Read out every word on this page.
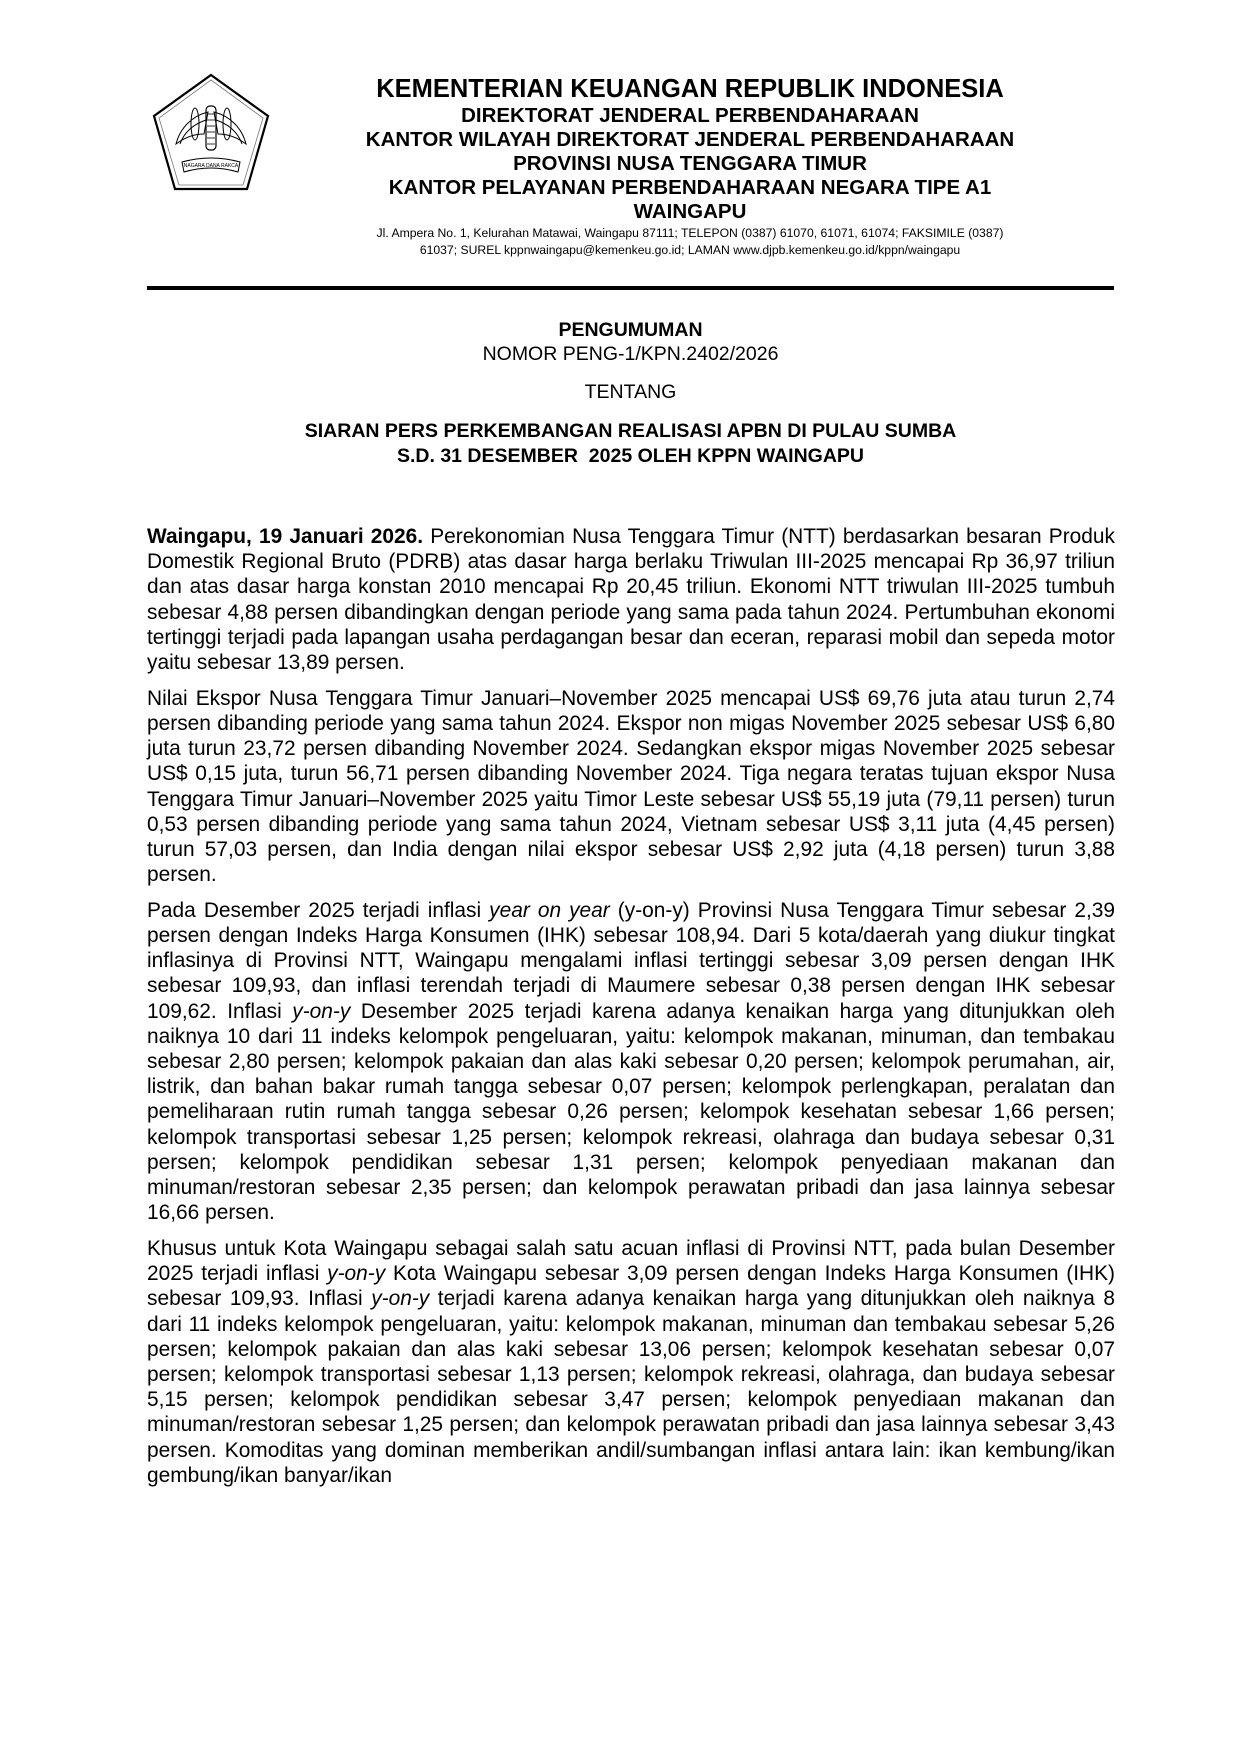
NAGARA DANA RAKCA
KEMENTERIAN KEUANGAN REPUBLIK INDONESIA
DIREKTORAT JENDERAL PERBENDAHARAAN
KANTOR WILAYAH DIREKTORAT JENDERAL PERBENDAHARAAN
PROVINSI NUSA TENGGARA TIMUR
KANTOR PELAYANAN PERBENDAHARAAN NEGARA TIPE A1
WAINGAPU
Jl. Ampera No. 1, Kelurahan Matawai, Waingapu 87111; TELEPON (0387) 61070, 61071, 61074; FAKSIMILE (0387)
61037; SUREL kppnwaingapu@kemenkeu.go.id; LAMAN www.djpb.kemenkeu.go.id/kppn/waingapu
PENGUMUMAN
NOMOR PENG-1/KPN.2402/2026
TENTANG
SIARAN PERS PERKEMBANGAN REALISASI APBN DI PULAU SUMBA
S.D. 31 DESEMBER  2025 OLEH KPPN WAINGAPU

Waingapu, 19 Januari 2026. Perekonomian Nusa Tenggara Timur (NTT) berdasarkan besaran Produk Domestik Regional Bruto (PDRB) atas dasar harga berlaku Triwulan III-2025 mencapai Rp 36,97 triliun dan atas dasar harga konstan 2010 mencapai Rp 20,45 triliun. Ekonomi NTT triwulan III-2025 tumbuh sebesar 4,88 persen dibandingkan dengan periode yang sama pada tahun 2024. Pertumbuhan ekonomi tertinggi terjadi pada lapangan usaha perdagangan besar dan eceran, reparasi mobil dan sepeda motor yaitu sebesar 13,89 persen.

Nilai Ekspor Nusa Tenggara Timur Januari–November 2025 mencapai US$ 69,76 juta atau turun 2,74 persen dibanding periode yang sama tahun 2024. Ekspor non migas November 2025 sebesar US$ 6,80 juta turun 23,72 persen dibanding November 2024. Sedangkan ekspor migas November 2025 sebesar US$ 0,15 juta, turun 56,71 persen dibanding November 2024. Tiga negara teratas tujuan ekspor Nusa Tenggara Timur Januari–November 2025 yaitu Timor Leste sebesar US$ 55,19 juta (79,11 persen) turun 0,53 persen dibanding periode yang sama tahun 2024, Vietnam sebesar US$ 3,11 juta (4,45 persen) turun 57,03 persen, dan India dengan nilai ekspor sebesar US$ 2,92 juta (4,18 persen) turun 3,88 persen.

Pada Desember 2025 terjadi inflasi year on year (y-on-y) Provinsi Nusa Tenggara Timur sebesar 2,39 persen dengan Indeks Harga Konsumen (IHK) sebesar 108,94. Dari 5 kota/daerah yang diukur tingkat inflasinya di Provinsi NTT, Waingapu mengalami inflasi tertinggi sebesar 3,09 persen dengan IHK sebesar 109,93, dan inflasi terendah terjadi di Maumere sebesar 0,38 persen dengan IHK sebesar 109,62. Inflasi y-on-y Desember 2025 terjadi karena adanya kenaikan harga yang ditunjukkan oleh naiknya 10 dari 11 indeks kelompok pengeluaran, yaitu: kelompok makanan, minuman, dan tembakau sebesar 2,80 persen; kelompok pakaian dan alas kaki sebesar 0,20 persen; kelompok perumahan, air, listrik, dan bahan bakar rumah tangga sebesar 0,07 persen; kelompok perlengkapan, peralatan dan pemeliharaan rutin rumah tangga sebesar 0,26 persen; kelompok kesehatan sebesar 1,66 persen; kelompok transportasi sebesar 1,25 persen; kelompok rekreasi, olahraga dan budaya sebesar 0,31 persen; kelompok pendidikan sebesar 1,31 persen; kelompok penyediaan makanan dan minuman/restoran sebesar 2,35 persen; dan kelompok perawatan pribadi dan jasa lainnya sebesar 16,66 persen.

Khusus untuk Kota Waingapu sebagai salah satu acuan inflasi di Provinsi NTT, pada bulan Desember 2025 terjadi inflasi y-on-y Kota Waingapu sebesar 3,09 persen dengan Indeks Harga Konsumen (IHK) sebesar 109,93. Inflasi y-on-y terjadi karena adanya kenaikan harga yang ditunjukkan oleh naiknya 8 dari 11 indeks kelompok pengeluaran, yaitu: kelompok makanan, minuman dan tembakau sebesar 5,26 persen; kelompok pakaian dan alas kaki sebesar 13,06 persen; kelompok kesehatan sebesar 0,07 persen; kelompok transportasi sebesar 1,13 persen; kelompok rekreasi, olahraga, dan budaya sebesar 5,15 persen; kelompok pendidikan sebesar 3,47 persen; kelompok penyediaan makanan dan minuman/restoran sebesar 1,25 persen; dan kelompok perawatan pribadi dan jasa lainnya sebesar 3,43 persen. Komoditas yang dominan memberikan andil/sumbangan inflasi antara lain: ikan kembung/ikan gembung/ikan banyar/ikan
